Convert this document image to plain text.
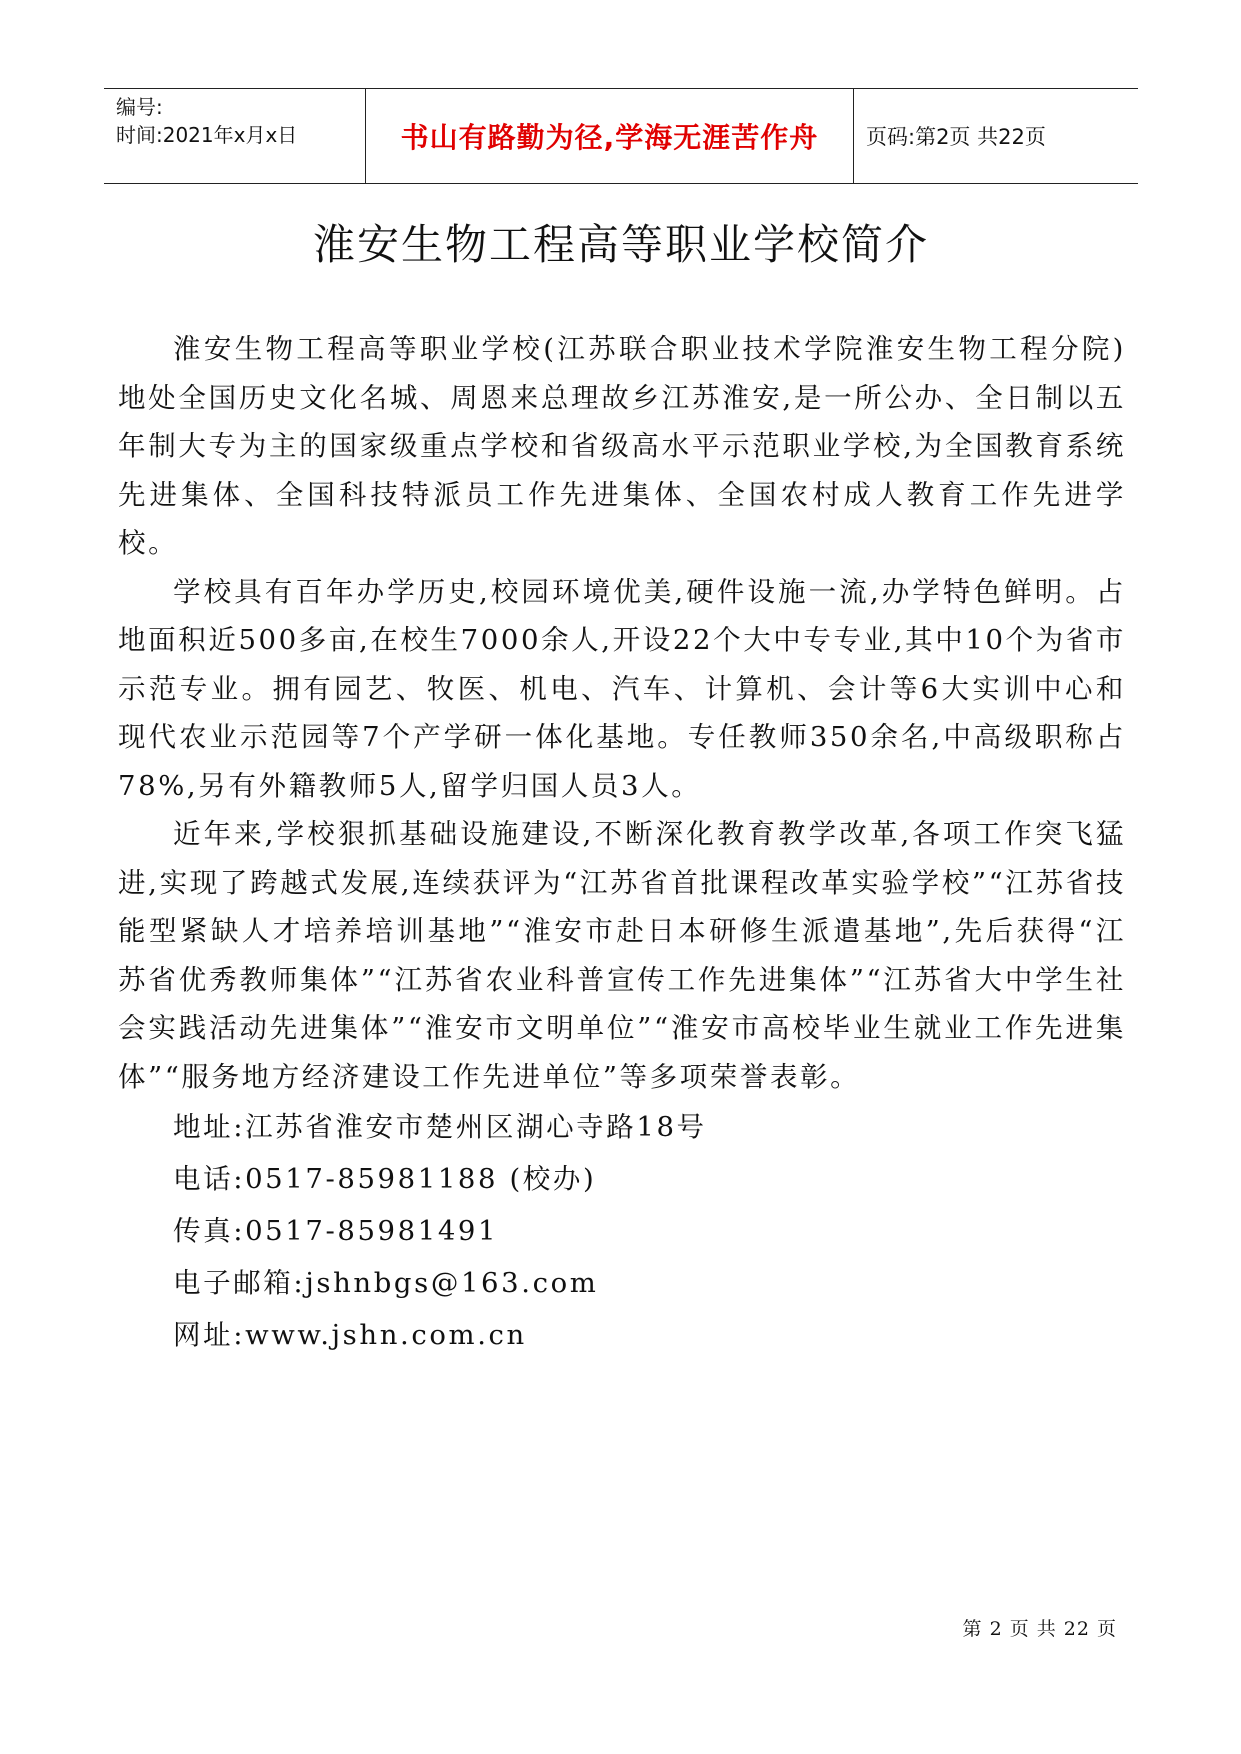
编号:
时间:2021年x月x日	书山有路勤为径,学海无涯苦作舟	页码:第2页 共22页
淮安生物工程高等职业学校简介

淮安生物工程高等职业学校(江苏联合职业技术学院淮安生物工程分院)地处全国历史文化名城、周恩来总理故乡江苏淮安,是一所公办、全日制以五年制大专为主的国家级重点学校和省级高水平示范职业学校,为全国教育系统先进集体、全国科技特派员工作先进集体、全国农村成人教育工作先进学校。

学校具有百年办学历史,校园环境优美,硬件设施一流,办学特色鲜明。占地面积近500多亩,在校生7000余人,开设22个大中专专业,其中10个为省市示范专业。拥有园艺、牧医、机电、汽车、计算机、会计等6大实训中心和现代农业示范园等7个产学研一体化基地。专任教师350余名,中高级职称占78%,另有外籍教师5人,留学归国人员3人。

近年来,学校狠抓基础设施建设,不断深化教育教学改革,各项工作突飞猛进,实现了跨越式发展,连续获评为“江苏省首批课程改革实验学校”“江苏省技能型紧缺人才培养培训基地”“淮安市赴日本研修生派遣基地”,先后获得“江苏省优秀教师集体”“江苏省农业科普宣传工作先进集体”“江苏省大中学生社会实践活动先进集体”“淮安市文明单位”“淮安市高校毕业生就业工作先进集体”“服务地方经济建设工作先进单位”等多项荣誉表彰。

地址:江苏省淮安市楚州区湖心寺路18号

电话:0517-85981188 (校办)

传真:0517-85981491

电子邮箱:jshnbgs@163.com

网址:www.jshn.com.cn

第 2 页 共 22 页
